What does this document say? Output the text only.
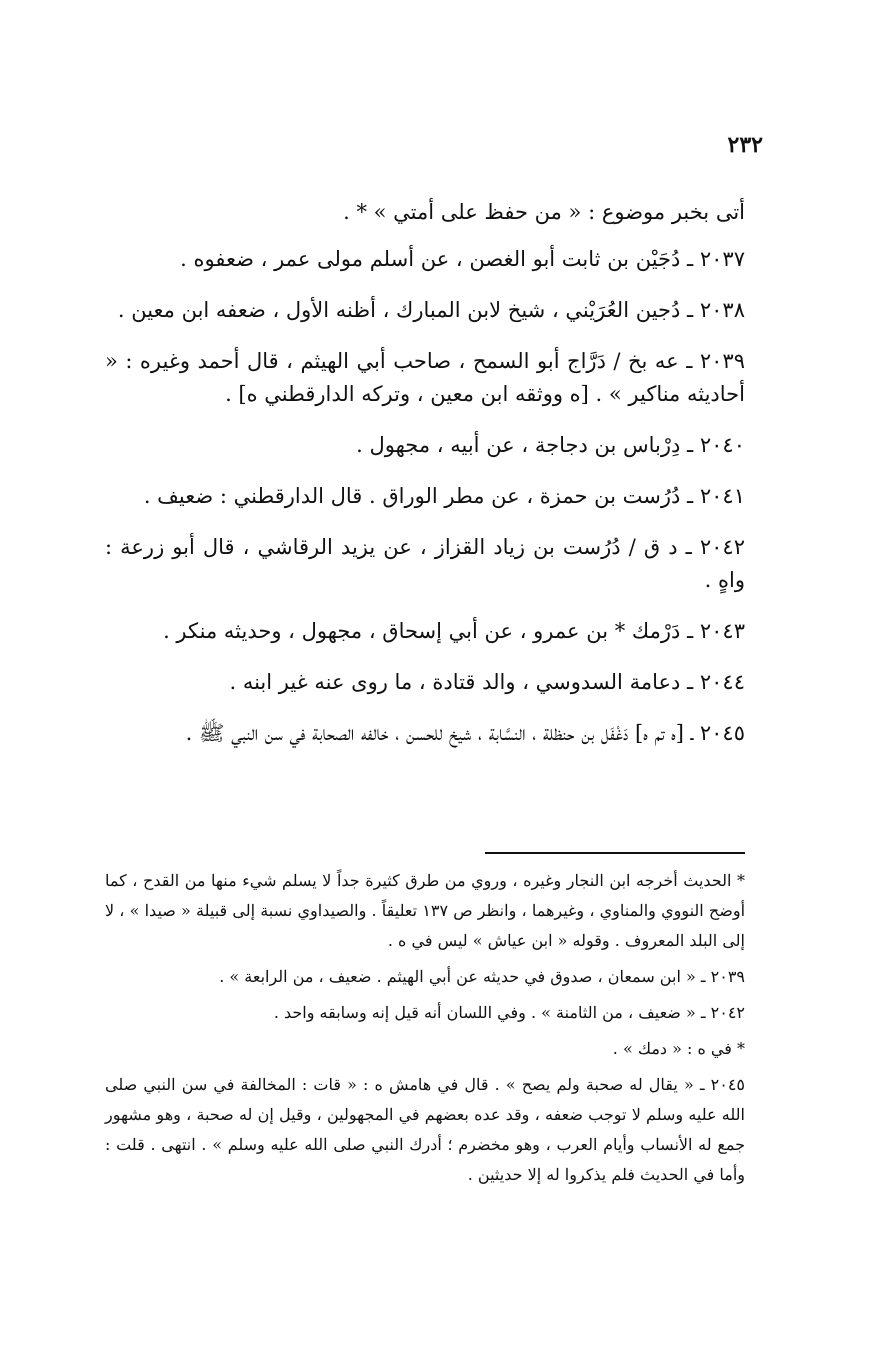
٢٣٢

أتى بخبر موضوع : « من حفظ على أمتي » * .

٢٠٣٧ ـ دُجَيْن بن ثابت أبو الغصن ، عن أسلم مولى عمر ، ضعفوه .

٢٠٣٨ ـ دُجين العُرَيْني ، شيخ لابن المبارك ، أظنه الأول ، ضعفه ابن معين .

٢٠٣٩ ـ عه بخ / دَرَّاج أبو السمح ، صاحب أبي الهيثم ، قال أحمد وغيره : « أحاديثه مناكير » . [ه ووثقه ابن معين ، وتركه الدارقطني ه] .

٢٠٤٠ ـ دِرْباس بن دجاجة ، عن أبيه ، مجهول .

٢٠٤١ ـ دُرُست بن حمزة ، عن مطر الوراق . قال الدارقطني : ضعيف .

٢٠٤٢ ـ د ق / دُرُست بن زياد القزاز ، عن يزيد الرقاشي ، قال أبو زرعة : واهٍ .

٢٠٤٣ ـ دَرْمك * بن عمرو ، عن أبي إسحاق ، مجهول ، وحديثه منكر .

٢٠٤٤ ـ دعامة السدوسي ، والد قتادة ، ما روى عنه غير ابنه .

٢٠٤٥ ـ [ه تم ه] دَغْفَل بن حنظلة ، النسَّابة ، شيخ للحسن ، خالفه الصحابة في سن النبي ﷺ .

* الحديث أخرجه ابن النجار وغيره ، وروي من طرق كثيرة جداً لا يسلم شيء منها من القدح ، كما أوضح النووي والمناوي ، وغيرهما ، وانظر ص ١٣٧ تعليقاً . والصيداوي نسبة إلى قبيلة « صيدا » ، لا إلى البلد المعروف . وقوله « ابن عياش » ليس في ه .

٢٠٣٩ ـ « ابن سمعان ، صدوق في حديثه عن أبي الهيثم . ضعيف ، من الرابعة » .

٢٠٤٢ ـ « ضعيف ، من الثامنة » . وفي اللسان أنه قيل إنه وسابقه واحد .

* في ه : « دمك » .

٢٠٤٥ ـ « يقال له صحبة ولم يصح » . قال في هامش ه : « قات : المخالفة في سن النبي صلى الله عليه وسلم لا توجب ضعفه ، وقد عده بعضهم في المجهولين ، وقيل إن له صحبة ، وهو مشهور جمع له الأنساب وأيام العرب ، وهو مخضرم ؛ أدرك النبي صلى الله عليه وسلم » . انتهى . قلت : وأما في الحديث فلم يذكروا له إلا حديثين .
